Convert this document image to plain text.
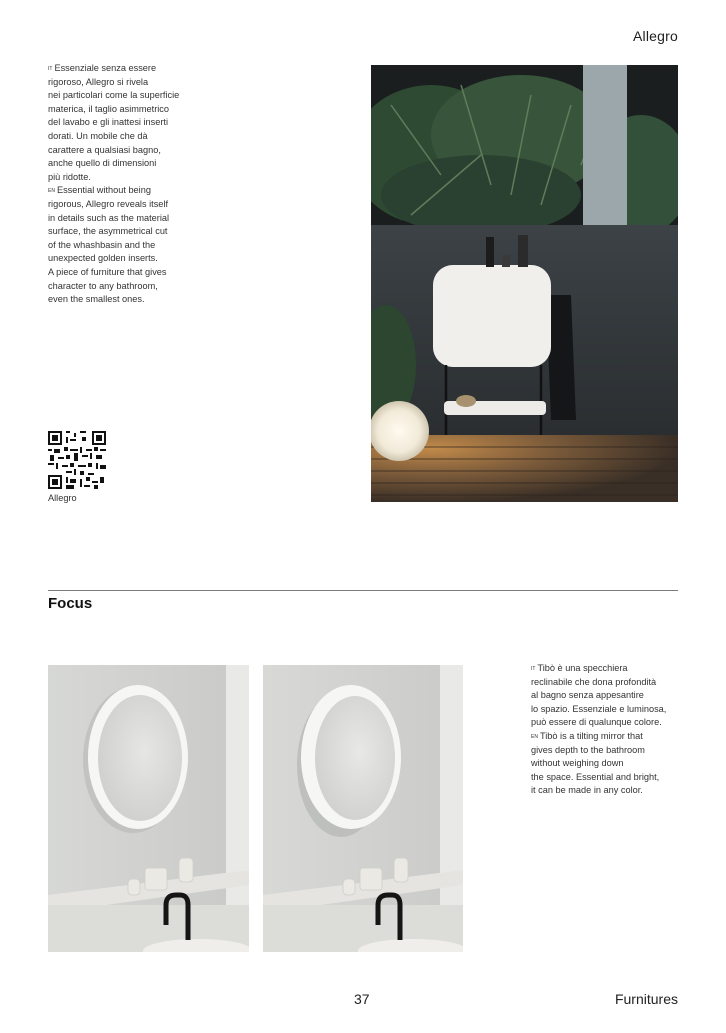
Allegro
$^{IT}$ Essenziale senza essere
rigoroso, Allegro si rivela
nei particolari come la superficie
materica, il taglio asimmetrico
del lavabo e gli inattesi inserti
dorati. Un mobile che dà
carattere a qualsiasi bagno,
anche quello di dimensioni
più ridotte.
$^{EN}$ Essential without being
rigorous, Allegro reveals itself
in details such as the material
surface, the asymmetrical cut
of the whashbasin and the
unexpected golden inserts.
A piece of furniture that gives
character to any bathroom,
even the smallest ones.
Allegro
Focus
$^{IT}$ Tibò è una specchiera
reclinabile che dona profondità
al bagno senza appesantire
lo spazio. Essenziale e luminosa,
può essere di qualunque colore.
$^{EN}$ Tibò is a tilting mirror that
gives depth to the bathroom
without weighing down
the space. Essential and bright,
it can be made in any color.
37	Furnitures
